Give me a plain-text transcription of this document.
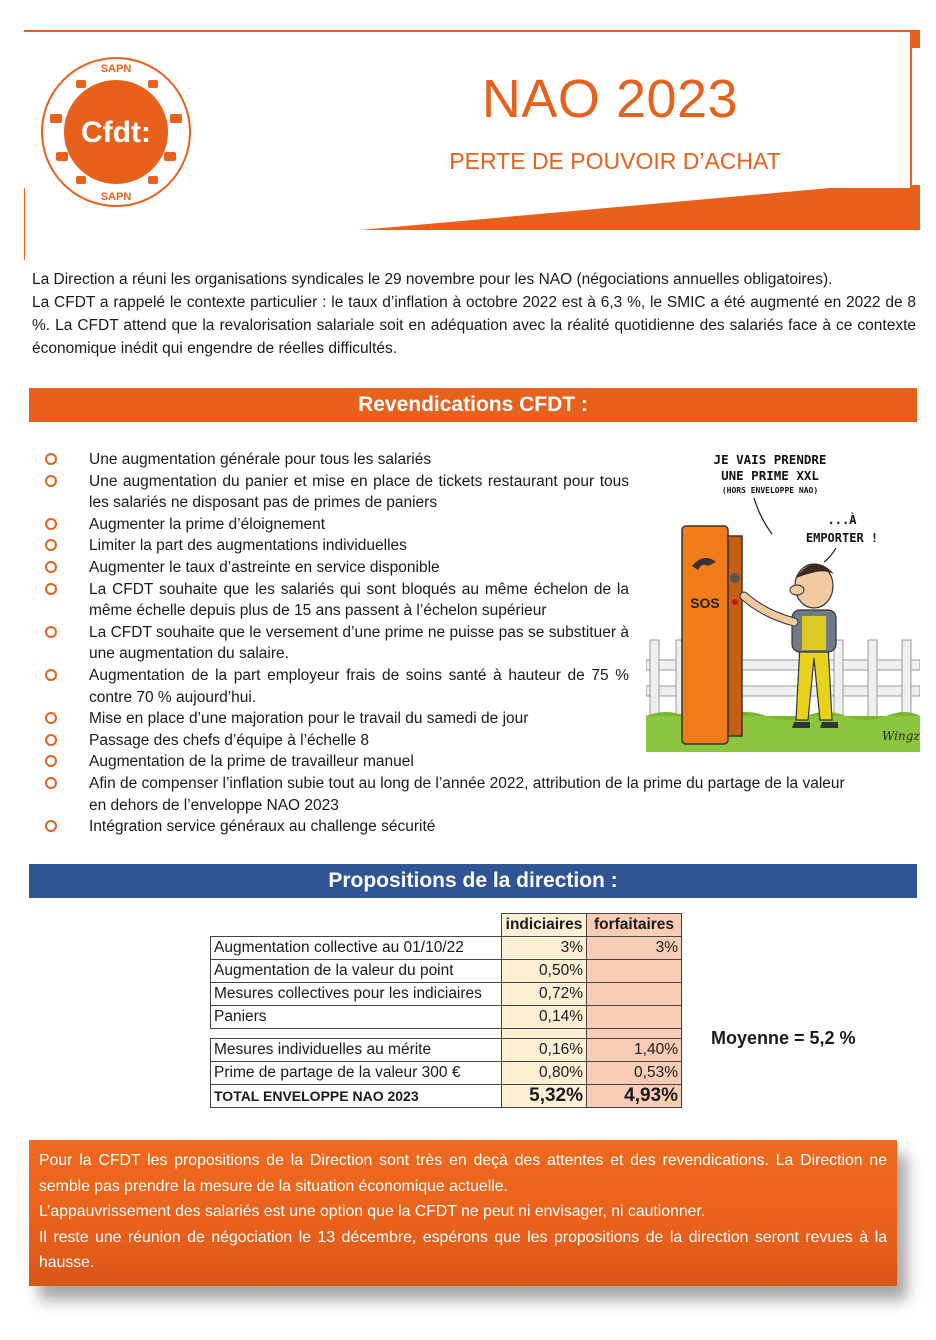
Cfdt:
SAPN
SAPN
NAO 2023
PERTE DE POUVOIR D’ACHAT

La Direction a réuni les organisations syndicales le 29 novembre pour les NAO (négociations annuelles obligatoires).

La CFDT a rappelé le contexte particulier : le taux d’inflation à octobre 2022 est à 6,3 %, le SMIC a été augmenté en 2022 de 8 %. La CFDT attend que la revalorisation salariale soit en adéquation avec la réalité quotidienne des salariés face à ce contexte économique inédit qui engendre de réelles difficultés.

Revendications CFDT :
Une augmentation générale pour tous les salariés
Une augmentation du panier et mise en place de tickets restaurant pour tous les salariés ne disposant pas de primes de paniers
Augmenter la prime d’éloignement
Limiter la part des augmentations individuelles
Augmenter le taux d’astreinte en service disponible
La CFDT souhaite que les salariés qui sont bloqués au même échelon de la même échelle depuis plus de 15 ans passent à l’échelon supérieur
La CFDT souhaite que le versement d’une prime ne puisse pas se substituer à une augmentation du salaire.
Augmentation de la part employeur frais de soins santé à hauteur de 75 % contre 70 % aujourd’hui.
Mise en place d’une majoration pour le travail du samedi de jour
Passage des chefs d’équipe à l’échelle 8
Augmentation de la prime de travailleur manuel
Afin de compenser l’inflation subie tout au long de l’année 2022, attribution de la prime du partage de la valeur en dehors de l’enveloppe NAO 2023
Intégration service généraux au challenge sécurité
SOS
JE VAIS PRENDRE
UNE PRIME XXL
(HORS ENVELOPPE NAO)
...À
EMPORTER !
Wingz
Propositions de la direction :
	indiciaires	forfaitaires
Augmentation collective au 01/10/22	3%	3%
Augmentation de la valeur du point	0,50%	
Mesures collectives pour les indiciaires	0,72%	
Paniers	0,14%	

Mesures individuelles au mérite	0,16%	1,40%
Prime de partage de la valeur 300 €	0,80%	0,53%
TOTAL ENVELOPPE NAO 2023	5,32%	4,93%
Moyenne = 5,2 %

Pour la CFDT les propositions de la Direction sont très en deçà des attentes et des revendications. La Direction ne semble pas prendre la mesure de la situation économique actuelle.

L’appauvrissement des salariés est une option que la CFDT ne peut ni envisager, ni cautionner.

Il reste une réunion de négociation le 13 décembre, espérons que les propositions de la direction seront revues à la hausse.
